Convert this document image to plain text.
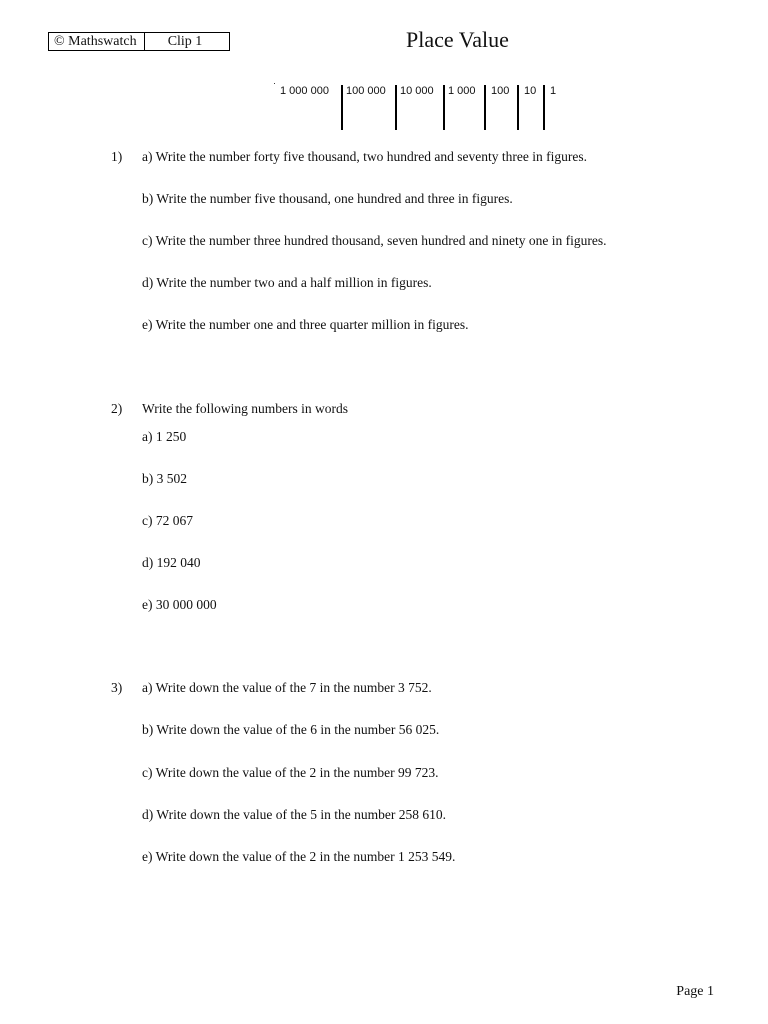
© Mathswatch	Clip 1	Place Value
·
1 000 000 100 000 10 000 1 000 100 10 1
1) a) Write the number forty five thousand, two hundred and seventy three in figures.
b) Write the number five thousand, one hundred and three in figures.
c) Write the number three hundred thousand, seven hundred and ninety one in figures.
d) Write the number two and a half million in figures.
e) Write the number one and three quarter million in figures.
2) Write the following numbers in words
a) 1 250
b) 3 502
c) 72 067
d) 192 040
e) 30 000 000
3) a) Write down the value of the 7 in the number 3 752.
b) Write down the value of the 6 in the number 56 025.
c) Write down the value of the 2 in the number 99 723.
d) Write down the value of the 5 in the number 258 610.
e) Write down the value of the 2 in the number 1 253 549.
Page 1
